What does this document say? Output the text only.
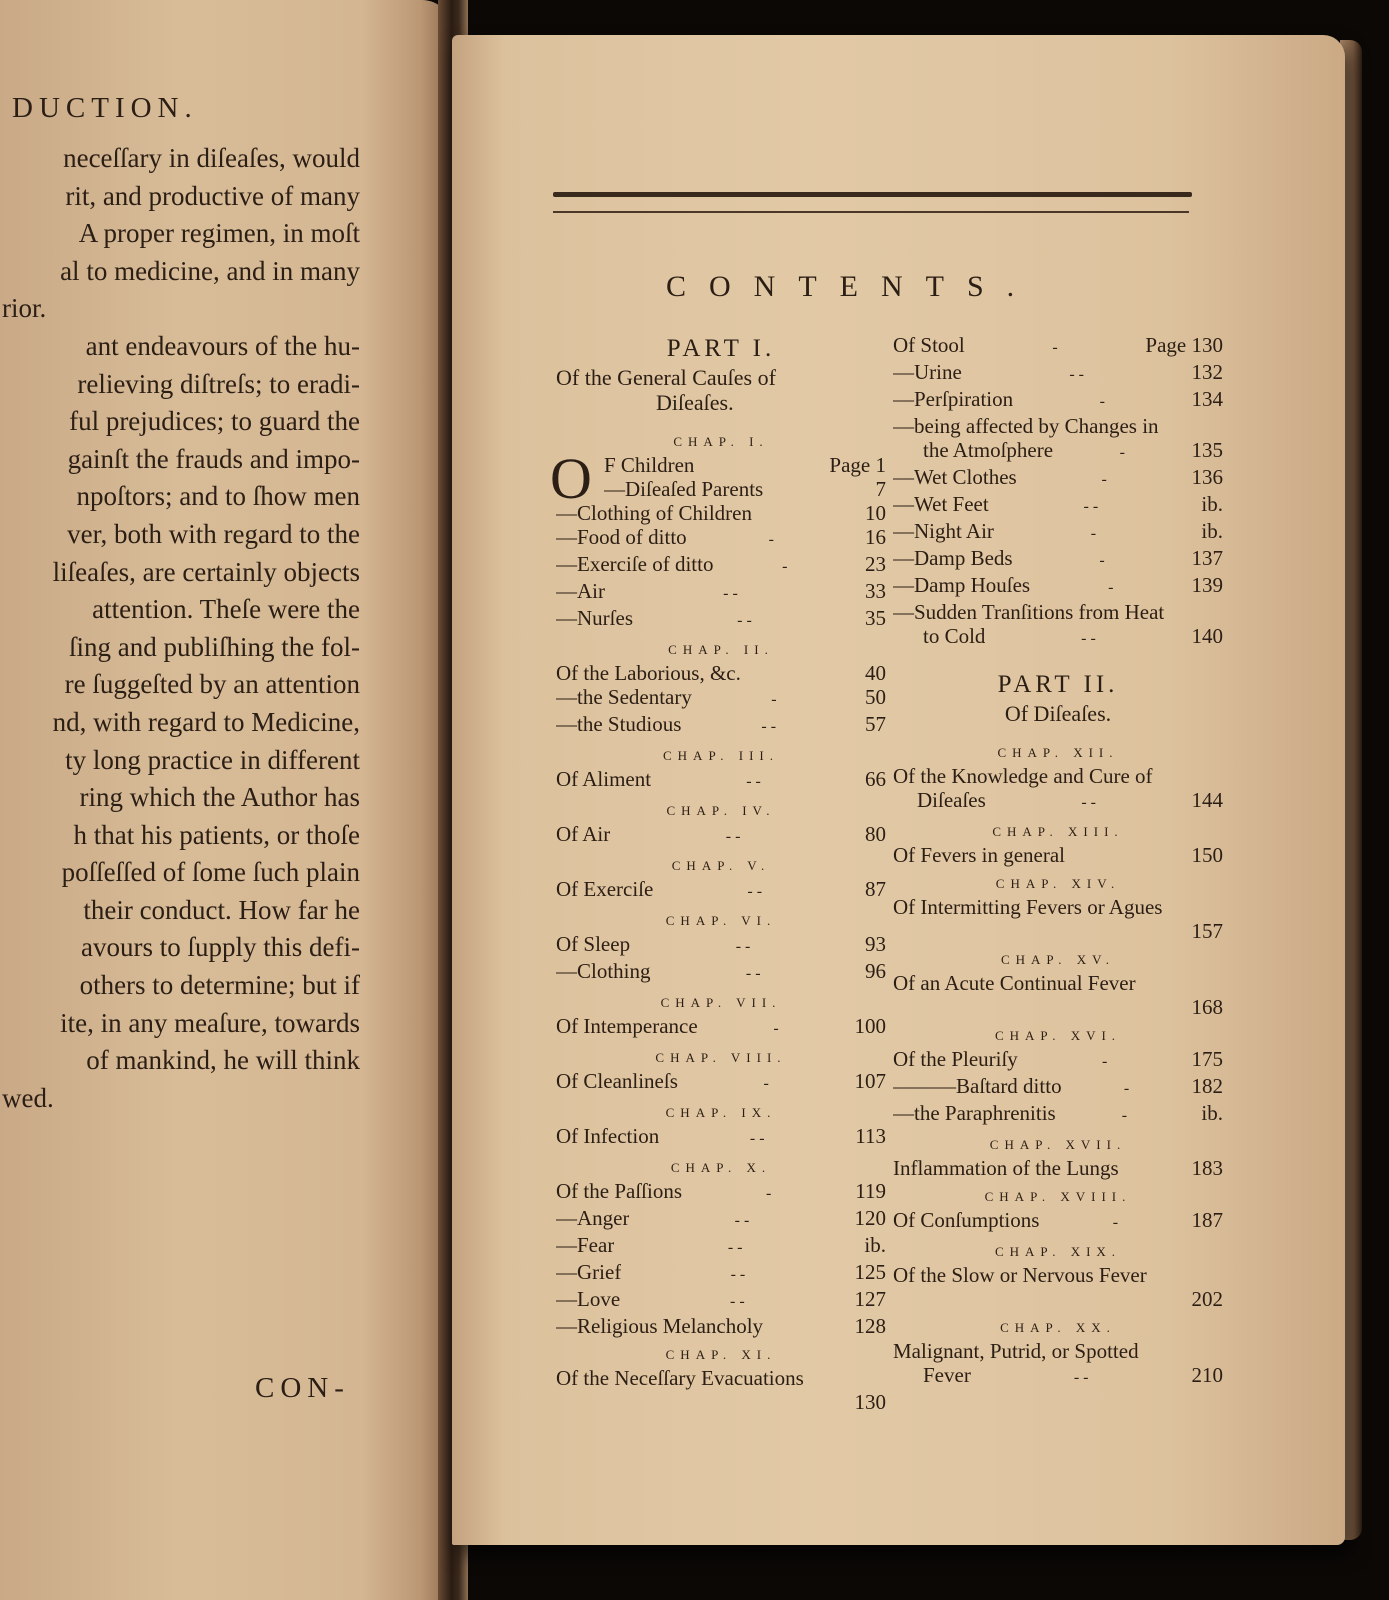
DUCTION.
neceſſary in diſeaſes, would
rit, and productive of many
A proper regimen, in moſt
al to medicine, and in many
rior.
ant endeavours of the hu-
relieving diſtreſs; to eradi-
ful prejudices; to guard the
gainſt the frauds and impo-
npoſtors; and to ſhow men
ver, both with regard to the
liſeaſes, are certainly objects
attention. Theſe were the
ſing and publiſhing the fol-
re ſuggeſted by an attention
nd, with regard to Medicine,
ty long practice in different
ring which the Author has
h that his patients, or thoſe
poſſeſſed of ſome ſuch plain
their conduct. How far he
avours to ſupply this defi-
others to determine; but if
ite, in any meaſure, towards
of mankind, he will think
wed.
CON-
CONTENTS.
PART I.
Of the General Cauſes of
Diſeaſes.
CHAP. I.
O F Children	Page 1
—Diſeaſed Parents	7
—Clothing of Children	10
—Food of ditto	-	16
—Exerciſe of ditto	-	23
—Air	- -	33
—Nurſes	- -	35
CHAP. II.
Of the Laborious, &c.	40
—the Sedentary	-	50
—the Studious	- -	57
CHAP. III.
Of Aliment	- -	66
CHAP. IV.
Of Air	- -	80
CHAP. V.
Of Exerciſe	- -	87
CHAP. VI.
Of Sleep	- -	93
—Clothing	- -	96
CHAP. VII.
Of Intemperance	-	100
CHAP. VIII.
Of Cleanlineſs	-	107
CHAP. IX.
Of Infection	- -	113
CHAP. X.
Of the Paſſions	-	119
—Anger	- -	120
—Fear	- -	ib.
—Grief	- -	125
—Love	- -	127
—Religious Melancholy	128
CHAP. XI.
Of the Neceſſary Evacuations
130
Of Stool	-	Page 130
—Urine	- -	132
—Perſpiration	-	134
—being affected by Changes in
the Atmoſphere	-	135
—Wet Clothes	-	136
—Wet Feet	- -	ib.
—Night Air	-	ib.
—Damp Beds	-	137
—Damp Houſes	-	139
—Sudden Tranſitions from Heat
to Cold	- -	140
PART II.
Of Diſeaſes.
CHAP. XII.
Of the Knowledge and Cure of
Diſeaſes	- -	144
CHAP. XIII.
Of Fevers in general	150
CHAP. XIV.
Of Intermitting Fevers or Agues
157
CHAP. XV.
Of an Acute Continual Fever
168
CHAP. XVI.
Of the Pleuriſy	-	175
———Baſtard ditto	-	182
—the Paraphrenitis	-	ib.
CHAP. XVII.
Inflammation of the Lungs	183
CHAP. XVIII.
Of Conſumptions	-	187
CHAP. XIX.
Of the Slow or Nervous Fever
202
CHAP. XX.
Malignant, Putrid, or Spotted
Fever	- -	210
